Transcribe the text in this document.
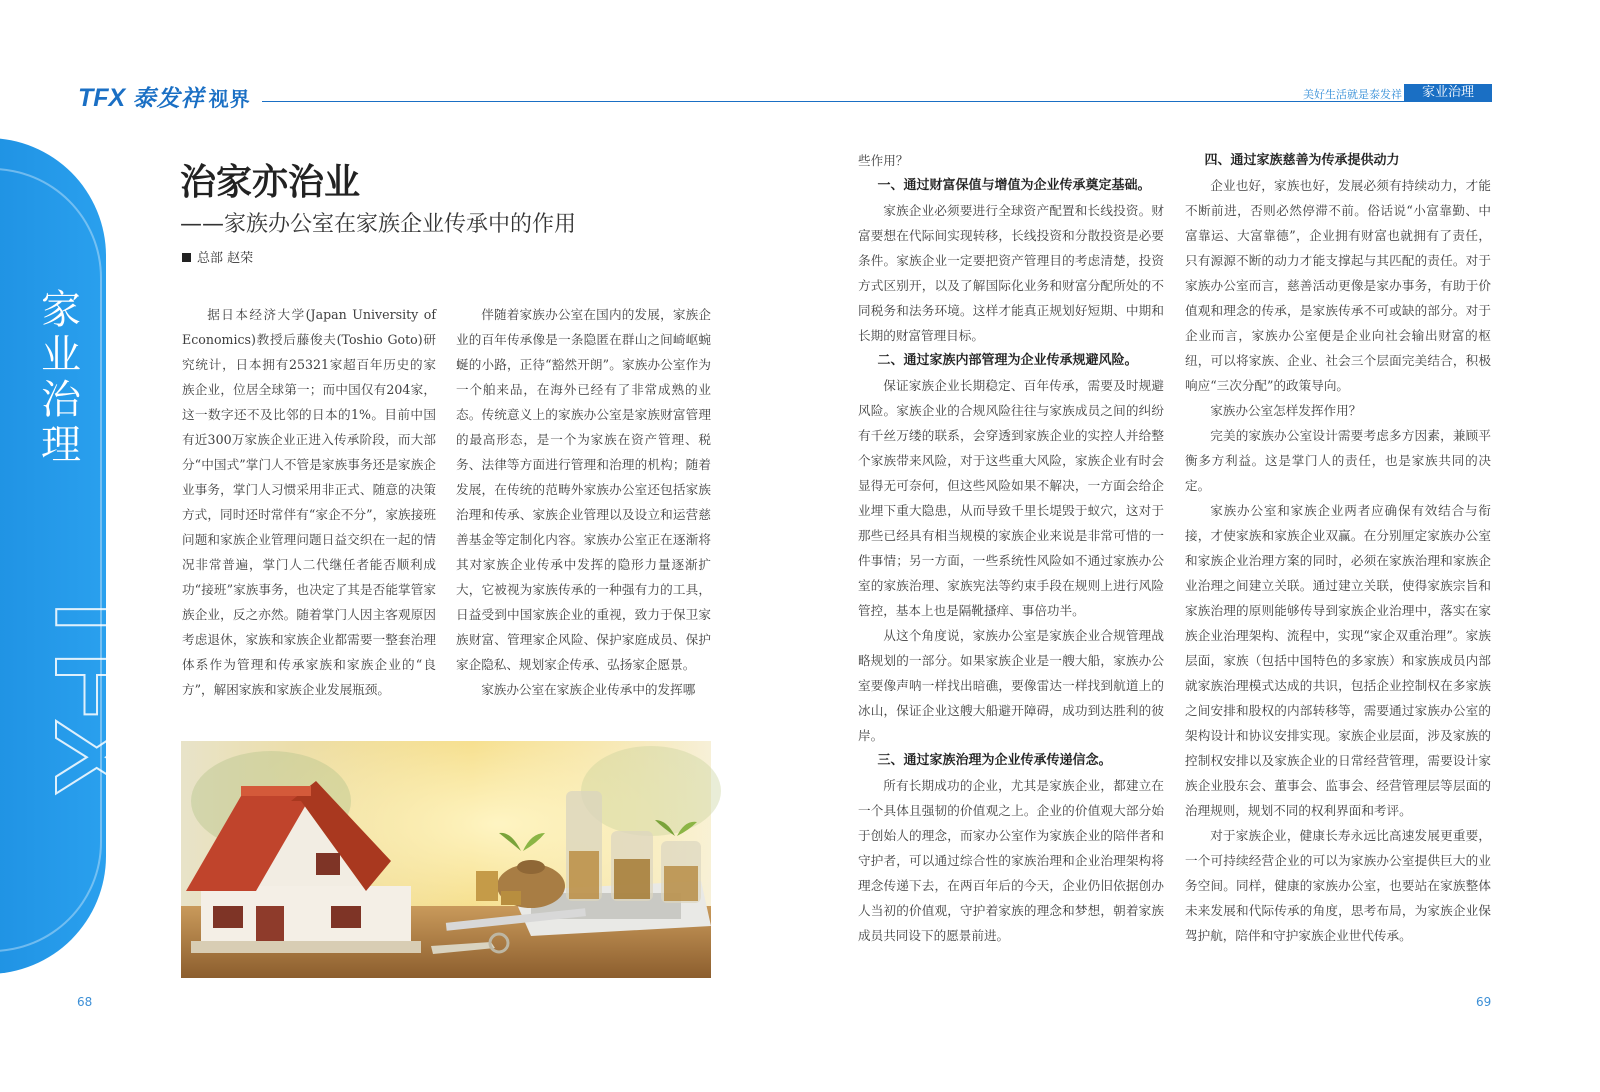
TFX 泰发祥 视界	美好生活就是泰发祥	家业治理
家
业
治
理
TFX
治家亦治业
——家族办公室在家族企业传承中的作用
总部 赵荣

据日本经济大学(Japan University of Economics)教授后藤俊夫(Toshio Goto)研究统计，日本拥有25321家超百年历史的家族企业，位居全球第一；而中国仅有204家，这一数字还不及比邻的日本的1%。目前中国有近300万家族企业正进入传承阶段，而大部分“中国式”掌门人不管是家族事务还是家族企业事务，掌门人习惯采用非正式、随意的决策方式，同时还时常伴有“家企不分”，家族接班问题和家族企业管理问题日益交织在一起的情况非常普遍，掌门人二代继任者能否顺利成功“接班”家族事务，也决定了其是否能掌管家族企业，反之亦然。随着掌门人因主客观原因考虑退休，家族和家族企业都需要一整套治理体系作为管理和传承家族和家族企业的“良方”，解困家族和家族企业发展瓶颈。

伴随着家族办公室在国内的发展，家族企业的百年传承像是一条隐匿在群山之间崎岖蜿蜒的小路，正待“豁然开朗”。家族办公室作为一个舶来品，在海外已经有了非常成熟的业态。传统意义上的家族办公室是家族财富管理的最高形态，是一个为家族在资产管理、税务、法律等方面进行管理和治理的机构；随着发展，在传统的范畴外家族办公室还包括家族治理和传承、家族企业管理以及设立和运营慈善基金等定制化内容。家族办公室正在逐渐将其对家族企业传承中发挥的隐形力量逐渐扩大，它被视为家族传承的一种强有力的工具，日益受到中国家族企业的重视，致力于保卫家族财富、管理家企风险、保护家庭成员、保护家企隐私、规划家企传承、弘扬家企愿景。

家族办公室在家族企业传承中的发挥哪

些作用？

一、通过财富保值与增值为企业传承奠定基础。

家族企业必须要进行全球资产配置和长线投资。财富要想在代际间实现转移，长线投资和分散投资是必要条件。家族企业一定要把资产管理目的考虑清楚，投资方式区别开，以及了解国际化业务和财富分配所处的不同税务和法务环境。这样才能真正规划好短期、中期和长期的财富管理目标。

二、通过家族内部管理为企业传承规避风险。

保证家族企业长期稳定、百年传承，需要及时规避风险。家族企业的合规风险往往与家族成员之间的纠纷有千丝万缕的联系，会穿透到家族企业的实控人并给整个家族带来风险，对于这些重大风险，家族企业有时会显得无可奈何，但这些风险如果不解决，一方面会给企业埋下重大隐患，从而导致千里长堤毁于蚁穴，这对于那些已经具有相当规模的家族企业来说是非常可惜的一件事情；另一方面，一些系统性风险如不通过家族办公室的家族治理、家族宪法等约束手段在规则上进行风险管控，基本上也是隔靴搔痒、事倍功半。

从这个角度说，家族办公室是家族企业合规管理战略规划的一部分。如果家族企业是一艘大船，家族办公室要像声呐一样找出暗礁，要像雷达一样找到航道上的冰山，保证企业这艘大船避开障碍，成功到达胜利的彼岸。

三、通过家族治理为企业传承传递信念。

所有长期成功的企业，尤其是家族企业，都建立在一个具体且强韧的价值观之上。企业的价值观大部分始于创始人的理念，而家办公室作为家族企业的陪伴者和守护者，可以通过综合性的家族治理和企业治理架构将理念传递下去，在两百年后的今天，企业仍旧依据创办人当初的价值观，守护着家族的理念和梦想，朝着家族成员共同设下的愿景前进。

四、通过家族慈善为传承提供动力

企业也好，家族也好，发展必须有持续动力，才能不断前进，否则必然停滞不前。俗话说“小富靠勤、中富靠运、大富靠德”，企业拥有财富也就拥有了责任，只有源源不断的动力才能支撑起与其匹配的责任。对于家族办公室而言，慈善活动更像是家办事务，有助于价值观和理念的传承，是家族传承不可或缺的部分。对于企业而言，家族办公室便是企业向社会输出财富的枢纽，可以将家族、企业、社会三个层面完美结合，积极响应“三次分配”的政策导向。

家族办公室怎样发挥作用？

完美的家族办公室设计需要考虑多方因素，兼顾平衡多方利益。这是掌门人的责任，也是家族共同的决定。

家族办公室和家族企业两者应确保有效结合与衔接，才使家族和家族企业双赢。在分别厘定家族办公室和家族企业治理方案的同时，必须在家族治理和家族企业治理之间建立关联。通过建立关联，使得家族宗旨和家族治理的原则能够传导到家族企业治理中，落实在家族企业治理架构、流程中，实现“家企双重治理”。家族层面，家族（包括中国特色的多家族）和家族成员内部就家族治理模式达成的共识，包括企业控制权在多家族之间安排和股权的内部转移等，需要通过家族办公室的架构设计和协议安排实现。家族企业层面，涉及家族的控制权安排以及家族企业的日常经营管理，需要设计家族企业股东会、董事会、监事会、经营管理层等层面的治理规则，规划不同的权利界面和考评。

对于家族企业，健康长寿永远比高速发展更重要，一个可持续经营企业的可以为家族办公室提供巨大的业务空间。同样，健康的家族办公室，也要站在家族整体未来发展和代际传承的角度，思考布局，为家族企业保驾护航，陪伴和守护家族企业世代传承。

68	69
